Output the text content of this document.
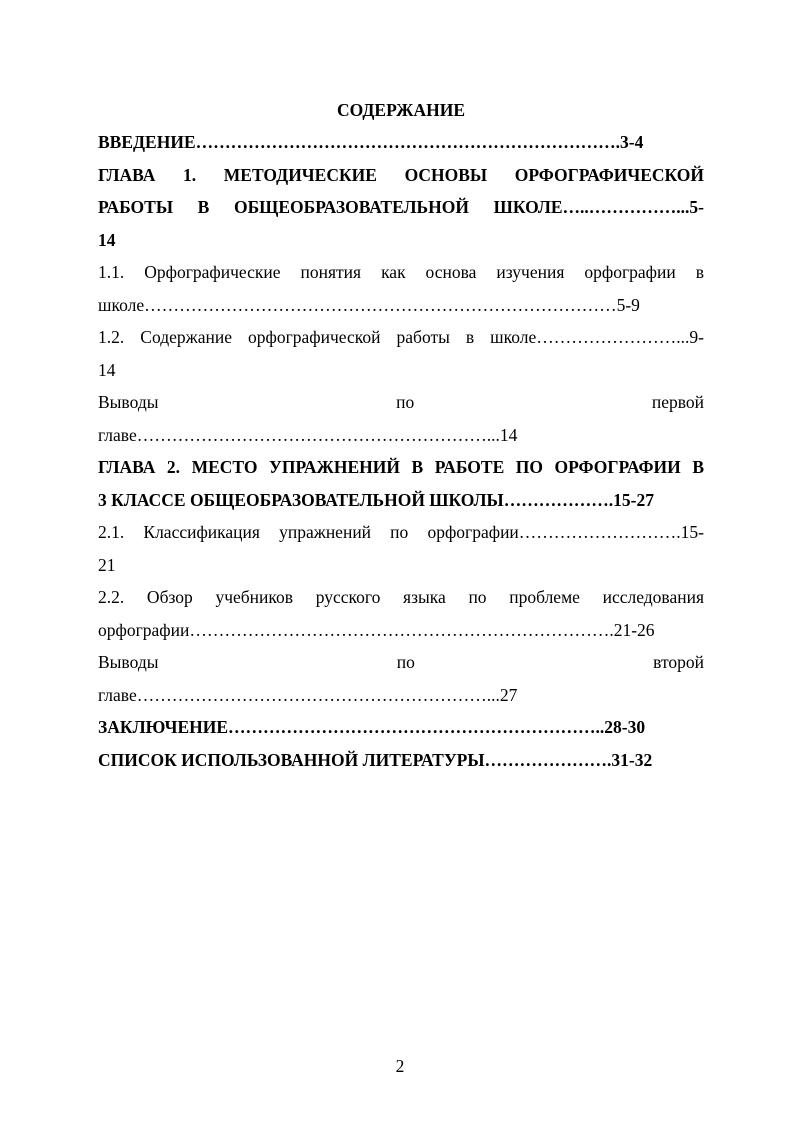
СОДЕРЖАНИЕ

ВВЕДЕНИЕ……………………………………………………………….3-4

ГЛАВА 1. МЕТОДИЧЕСКИЕ ОСНОВЫ ОРФОГРАФИЧЕСКОЙ
РАБОТЫ В ОБЩЕОБРАЗОВАТЕЛЬНОЙ ШКОЛЕ…..……………...5-
14

1.1. Орфографические понятия как основа изучения орфографии в
школе………………………………………………………………………5-9

1.2. Содержание орфографической работы в школе……………………...9-
14

Выводы по первой
главе……………………………………………………...14

ГЛАВА 2. МЕСТО УПРАЖНЕНИЙ В РАБОТЕ ПО ОРФОГРАФИИ В
3 КЛАССЕ ОБЩЕОБРАЗОВАТЕЛЬНОЙ ШКОЛЫ……………….15-27

2.1. Классификация упражнений по орфографии……………………….15-
21

2.2. Обзор учебников русского языка по проблеме исследования
орфографии……………………………………………………………….21-26

Выводы по второй
главе……………………………………………………...27

ЗАКЛЮЧЕНИЕ………………………………………………………..28-30

СПИСОК ИСПОЛЬЗОВАННОЙ ЛИТЕРАТУРЫ………………….31-32

2
